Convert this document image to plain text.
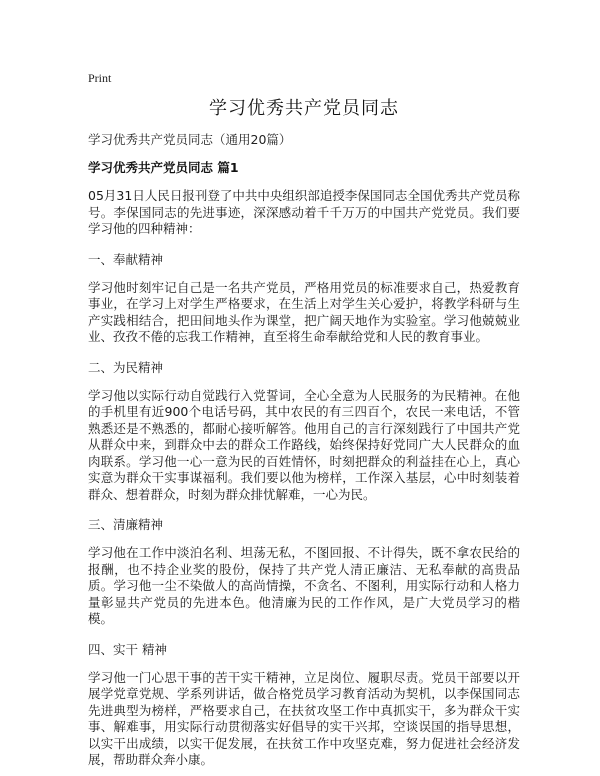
Print
学习优秀共产党员同志
学习优秀共产党员同志（通用20篇）
学习优秀共产党员同志 篇1

05月31日人民日报刊登了中共中央组织部追授李保国同志全国优秀共产党员称号。李保国同志的先进事迹，深深感动着千千万万的中国共产党党员。我们要学习他的四种精神：

一、奉献精神

学习他时刻牢记自己是一名共产党员，严格用党员的标准要求自己，热爱教育事业，在学习上对学生严格要求，在生活上对学生关心爱护，将教学科研与生产实践相结合，把田间地头作为课堂，把广阔天地作为实验室。学习他兢兢业业、孜孜不倦的忘我工作精神，直至将生命奉献给党和人民的教育事业。

二、为民精神

学习他以实际行动自觉践行入党誓词，全心全意为人民服务的为民精神。在他的手机里有近900个电话号码，其中农民的有三四百个，农民一来电话，不管熟悉还是不熟悉的，都耐心接听解答。他用自己的言行深刻践行了中国共产党从群众中来，到群众中去的群众工作路线，始终保持好党同广大人民群众的血肉联系。学习他一心一意为民的百姓情怀，时刻把群众的利益挂在心上，真心实意为群众干实事谋福利。我们要以他为榜样，工作深入基层，心中时刻装着群众、想着群众，时刻为群众排忧解难，一心为民。

三、清廉精神

学习他在工作中淡泊名利、坦荡无私，不图回报、不计得失，既不拿农民给的报酬，也不持企业奖的股份，保持了共产党人清正廉洁、无私奉献的高贵品质。学习他一尘不染做人的高尚情操，不贪名、不图利，用实际行动和人格力量彰显共产党员的先进本色。他清廉为民的工作作风，是广大党员学习的楷模。

四、实干 精神

学习他一门心思干事的苦干实干精神，立足岗位、履职尽责。党员干部要以开展学党章党规、学系列讲话，做合格党员学习教育活动为契机，以李保国同志先进典型为榜样，严格要求自己，在扶贫攻坚工作中真抓实干，多为群众干实事、解难事，用实际行动贯彻落实好倡导的实干兴邦，空谈误国的指导思想，以实干出成绩，以实干促发展，在扶贫工作中攻坚克难，努力促进社会经济发展，帮助群众奔小康。
